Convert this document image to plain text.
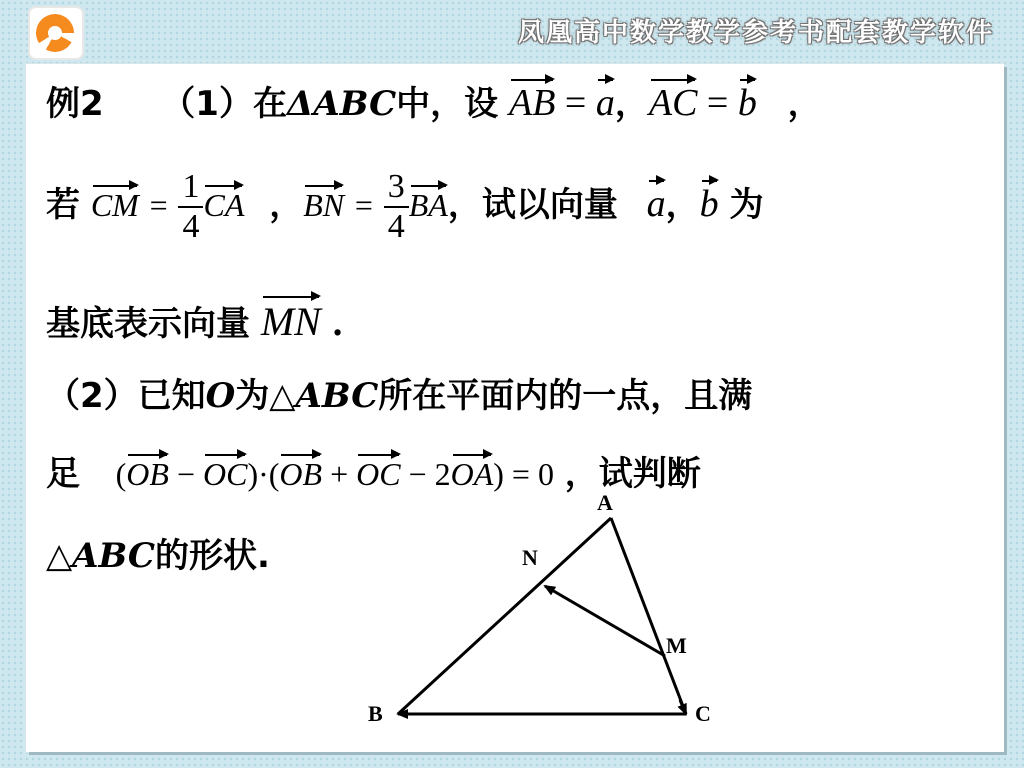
凤凰高中数学教学参考书配套教学软件
例2 （1）在ΔABC中，设 AB = a，AC = b ，
若 CM = $\frac{1}{4}$ CA ，BN = $\frac{3}{4}$ BA，试以向量 a，b 为
基底表示向量 MN .
（2）已知O为△ABC所在平面内的一点，且满
足 (OB − OC)·(OB + OC − 2OA) = 0 ，试判断
△ABC的形状.
A
B	C
M
N
